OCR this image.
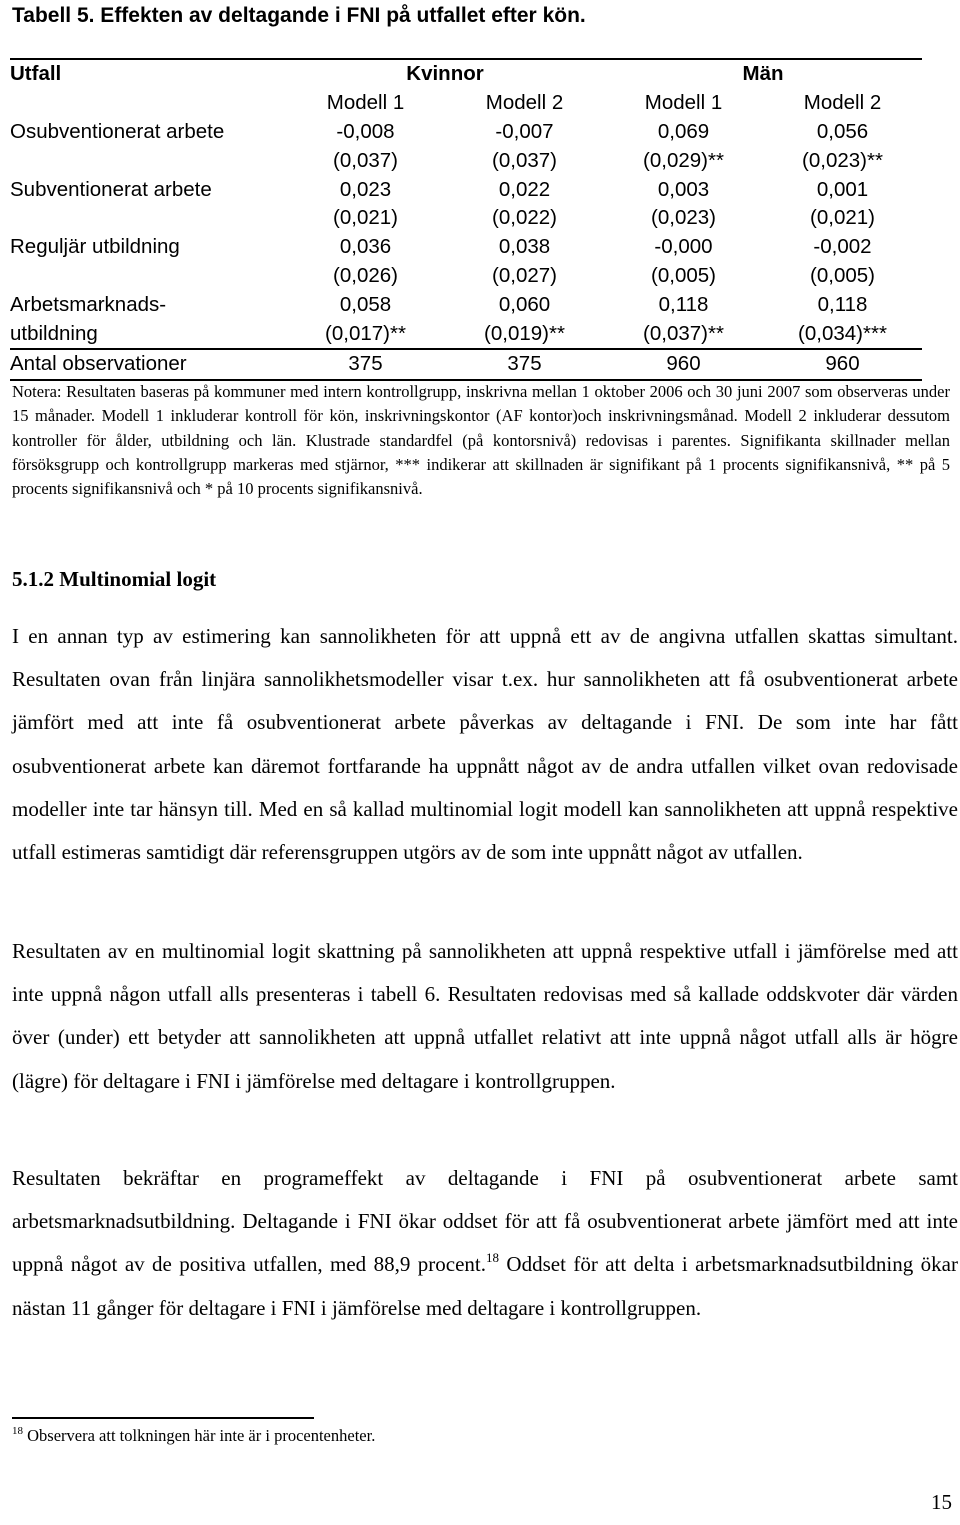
Tabell 5. Effekten av deltagande i FNI på utfallet efter kön.
Utfall	Kvinnor		Män	
	Modell 1	Modell 2	Modell 1	Modell 2
Osubventionerat arbete	-0,008	-0,007	0,069	0,056
	(0,037)	(0,037)	(0,029)**	(0,023)**
Subventionerat arbete	0,023	0,022	0,003	0,001
	(0,021)	(0,022)	(0,023)	(0,021)
Reguljär utbildning	0,036	0,038	-0,000	-0,002
	(0,026)	(0,027)	(0,005)	(0,005)
Arbetsmarknads-	0,058	0,060	0,118	0,118
utbildning	(0,017)**	(0,019)**	(0,037)**	(0,034)***
Antal observationer	375	375	960	960
Notera: Resultaten baseras på kommuner med intern kontrollgrupp, inskrivna mellan 1 oktober 2006 och 30 juni 2007 som observeras under 15 månader. Modell 1 inkluderar kontroll för kön, inskrivningskontor (AF kontor)och inskrivningsmånad. Modell 2 inkluderar dessutom kontroller för ålder, utbildning och län. Klustrade standardfel (på kontorsnivå) redovisas i parentes. Signifikanta skillnader mellan försöksgrupp och kontrollgrupp markeras med stjärnor, *** indikerar att skillnaden är signifikant på 1 procents signifikansnivå, ** på 5 procents signifikansnivå och * på 10 procents signifikansnivå.
5.1.2 Multinomial logit

I en annan typ av estimering kan sannolikheten för att uppnå ett av de angivna utfallen skattas simultant. Resultaten ovan från linjära sannolikhetsmodeller visar t.ex. hur sannolikheten att få osubventionerat arbete jämfört med att inte få osubventionerat arbete påverkas av deltagande i FNI. De som inte har fått osubventionerat arbete kan däremot fortfarande ha uppnått något av de andra utfallen vilket ovan redovisade modeller inte tar hänsyn till. Med en så kallad multinomial logit modell kan sannolikheten att uppnå respektive utfall estimeras samtidigt där referensgruppen utgörs av de som inte uppnått något av utfallen.

Resultaten av en multinomial logit skattning på sannolikheten att uppnå respektive utfall i jämförelse med att inte uppnå någon utfall alls presenteras i tabell 6. Resultaten redovisas med så kallade oddskvoter där värden över (under) ett betyder att sannolikheten att uppnå utfallet relativt att inte uppnå något utfall alls är högre (lägre) för deltagare i FNI i jämförelse med deltagare i kontrollgruppen.

Resultaten bekräftar en programeffekt av deltagande i FNI på osubventionerat arbete samt arbetsmarknadsutbildning. Deltagande i FNI ökar oddset för att få osubventionerat arbete jämfört med att inte uppnå något av de positiva utfallen, med 88,9 procent.$^{18}$ Oddset för att delta i arbetsmarknadsutbildning ökar nästan 11 gånger för deltagare i FNI i jämförelse med deltagare i kontrollgruppen.

$^{18}$ Observera att tolkningen här inte är i procentenheter.
15
